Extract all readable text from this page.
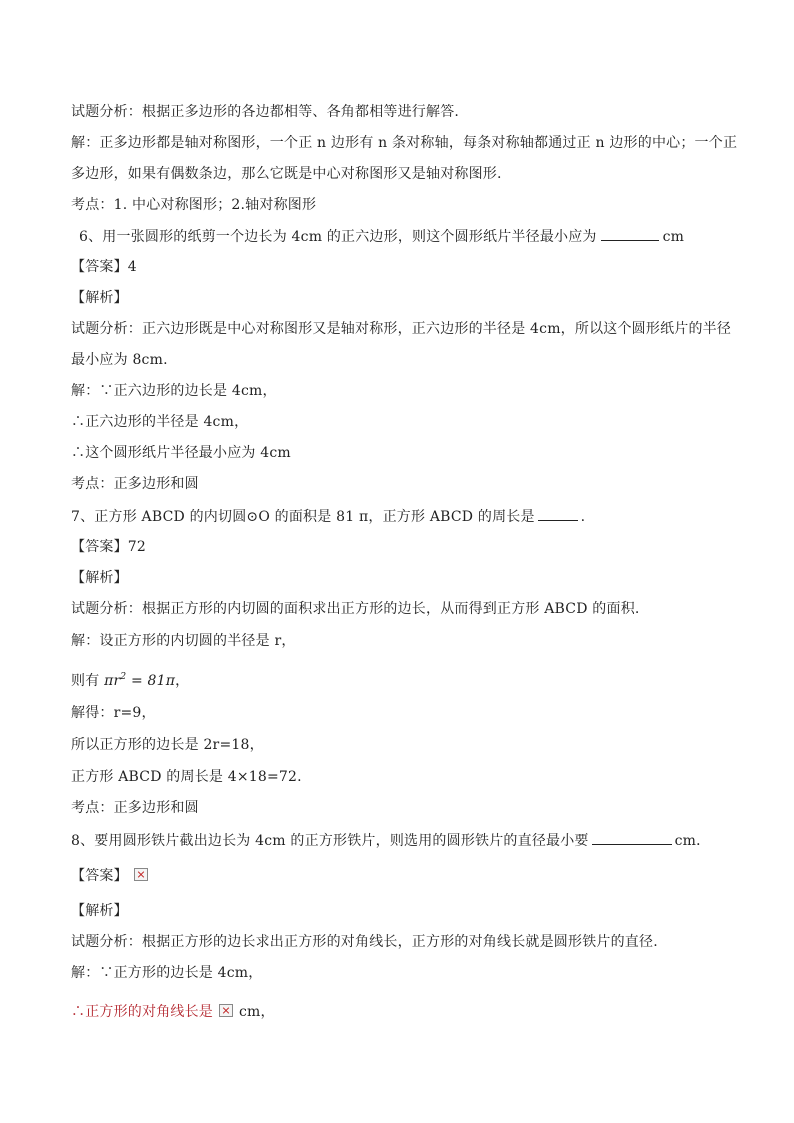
试题分析：根据正多边形的各边都相等、各角都相等进行解答.
解：正多边形都是轴对称图形，一个正 n 边形有 n 条对称轴，每条对称轴都通过正 n 边形的中心；一个正
多边形，如果有偶数条边，那么它既是中心对称图形又是轴对称图形.
考点：1. 中心对称图形；2.轴对称图形
6、用一张圆形的纸剪一个边长为 4cm 的正六边形，则这个圆形纸片半径最小应为	cm
【答案】4
【解析】
试题分析：正六边形既是中心对称图形又是轴对称形，正六边形的半径是 4cm，所以这个圆形纸片的半径
最小应为 8cm.
解：∵正六边形的边长是 4cm，
∴正六边形的半径是 4cm，
∴这个圆形纸片半径最小应为 4cm
考点：正多边形和圆
7、正方形 ABCD 的内切圆⊙O 的面积是 81 π，正方形 ABCD 的周长是	.
【答案】72
【解析】
试题分析：根据正方形的内切圆的面积求出正方形的边长，从而得到正方形 ABCD 的面积.
解：设正方形的内切圆的半径是 r，
则有 $\pi r^2 = 81\pi$，
解得：r=9，
所以正方形的边长是 2r=18，
正方形 ABCD 的周长是 4×18=72.
考点：正多边形和圆
8、要用圆形铁片截出边长为 4cm 的正方形铁片，则选用的圆形铁片的直径最小要	cm．
【答案】
【解析】
试题分析：根据正方形的边长求出正方形的对角线长，正方形的对角线长就是圆形铁片的直径.
解：∵正方形的边长是 4cm，
∴正方形的对角线长是 cm，
